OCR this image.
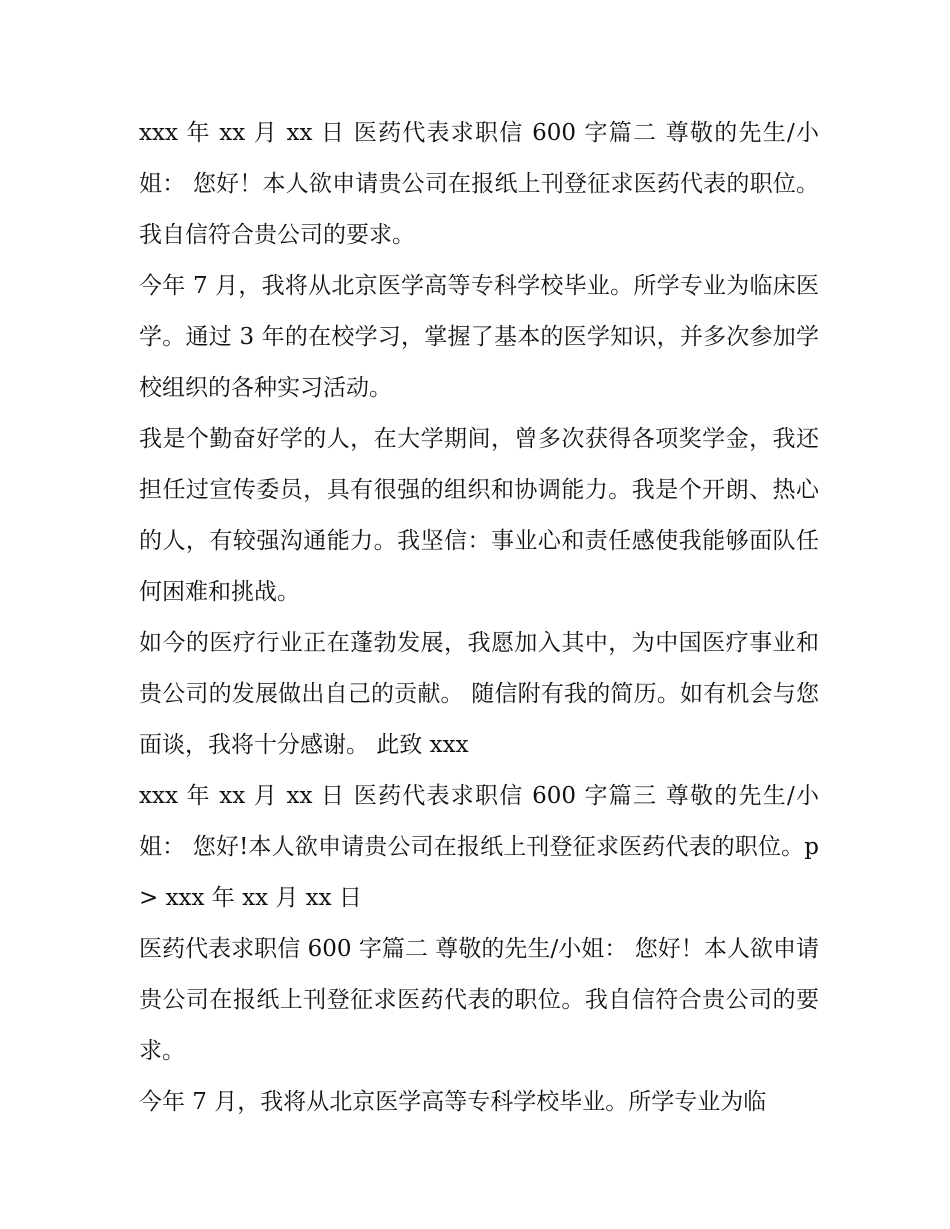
xxx 年 xx 月 xx 日 医药代表求职信 600 字篇二 尊敬的先生/小姐： 您好！本人欲申请贵公司在报纸上刊登征求医药代表的职位。我自信符合贵公司的要求。

今年 7 月，我将从北京医学高等专科学校毕业。所学专业为临床医学。通过 3 年的在校学习，掌握了基本的医学知识，并多次参加学校组织的各种实习活动。

我是个勤奋好学的人，在大学期间，曾多次获得各项奖学金，我还担任过宣传委员，具有很强的组织和协调能力。我是个开朗、热心的人，有较强沟通能力。我坚信：事业心和责任感使我能够面队任何困难和挑战。

如今的医疗行业正在蓬勃发展，我愿加入其中，为中国医疗事业和贵公司的发展做出自己的贡献。 随信附有我的简历。如有机会与您面谈，我将十分感谢。 此致 xxx

xxx 年 xx 月 xx 日 医药代表求职信 600 字篇三 尊敬的先生/小姐： 您好!本人欲申请贵公司在报纸上刊登征求医药代表的职位。p> xxx 年 xx 月 xx 日

医药代表求职信 600 字篇二 尊敬的先生/小姐： 您好！本人欲申请贵公司在报纸上刊登征求医药代表的职位。我自信符合贵公司的要求。

今年 7 月，我将从北京医学高等专科学校毕业。所学专业为临
